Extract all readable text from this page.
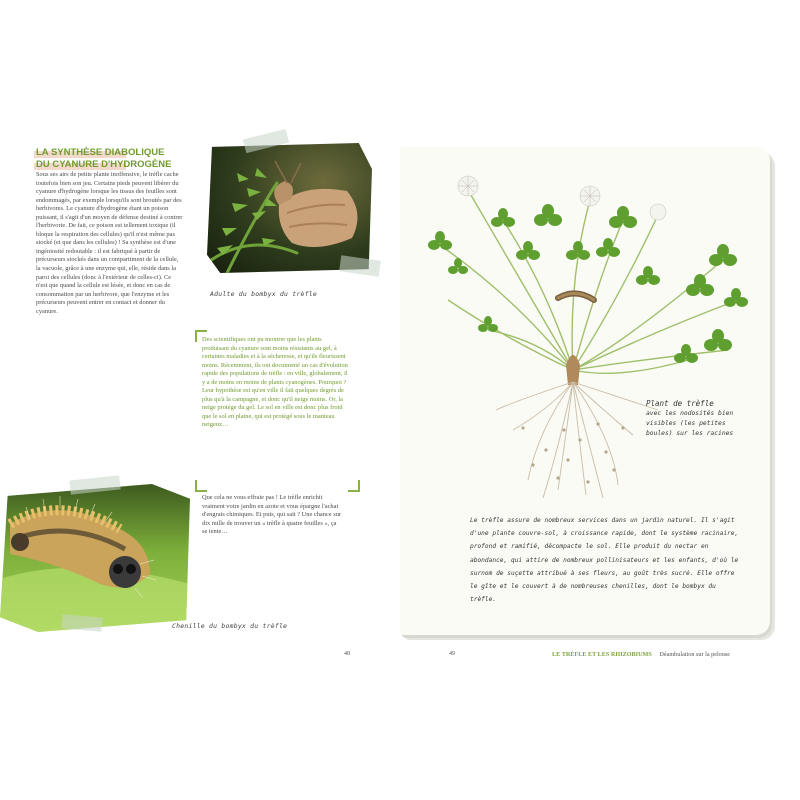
LA SYNTHÈSE DIABOLIQUE
DU CYANURE D'HYDROGÈNE
Sous ses airs de petite plante inoffensive, le trèfle cache toutefois bien son jeu. Certains pieds peuvent libérer du cyanure d'hydrogène lorsque les tissus des feuilles sont endommagés, par exemple lorsqu'ils sont broutés par des herbivores. Le cyanure d'hydrogène étant un poison puissant, il s'agit d'un moyen de défense destiné à contrer l'herbivorie. De fait, ce poison est tellement toxique (il bloque la respiration des cellules) qu'il n'est même pas stocké (et que dans les cellules) ! Sa synthèse est d'une ingéniosité redoutable : il est fabriqué à partir de précurseurs stockés dans un compartiment de la cellule, la vacuole, grâce à une enzyme qui, elle, réside dans la paroi des cellules (donc à l'extérieur de celles-ci). Ce n'est que quand la cellule est lésée, et donc en cas de consommation par un herbivore, que l'enzyme et les précurseurs peuvent entrer en contact et donner du cyanure.
Adulte du bombyx du trèfle
Des scientifiques ont pu montrer que les plants produisant du cyanure sont moins résistants au gel, à certaines maladies et à la sécheresse, et qu'ils fleurissent moins. Récemment, ils ont documenté un cas d'évolution rapide des populations de trèfle : en ville, globalement, il y a de moins en moins de plants cyanogènes. Pourquoi ? Leur hypothèse est qu'en ville il fait quelques degrés de plus qu'à la campagne, et donc qu'il neige moins. Or, la neige protège du gel. Le sol en ville est donc plus froid que le sol en plaine, qui est protégé sous le manteau neigeux…
Que cela ne vous effraie pas ! Le trèfle enrichit vraiment votre jardin en azote et vous épargne l'achat d'engrais chimiques. Et puis, qui sait ? Une chance sur dix mille de trouver un « trèfle à quatre feuilles », ça se tente…
Chenille du bombyx du trèfle
48
Plant de trèfle
avec les nodosités bien visibles (les petites boules) sur les racines
Le trèfle assure de nombreux services dans un jardin naturel. Il s'agit d'une plante couvre-sol, à croissance rapide, dont le système racinaire, profond et ramifié, décompacte le sol. Elle produit du nectar en abondance, qui attire de nombreux pollinisateurs et les enfants, d'où le surnom de suçette attribué à ses fleurs, au goût très sucré. Elle offre le gîte et le couvert à de nombreuses chenilles, dont le bombyx du trèfle.
49	LE TRÈFLE ET LES RHIZOBIUMS Déambulation sur la pelouse
